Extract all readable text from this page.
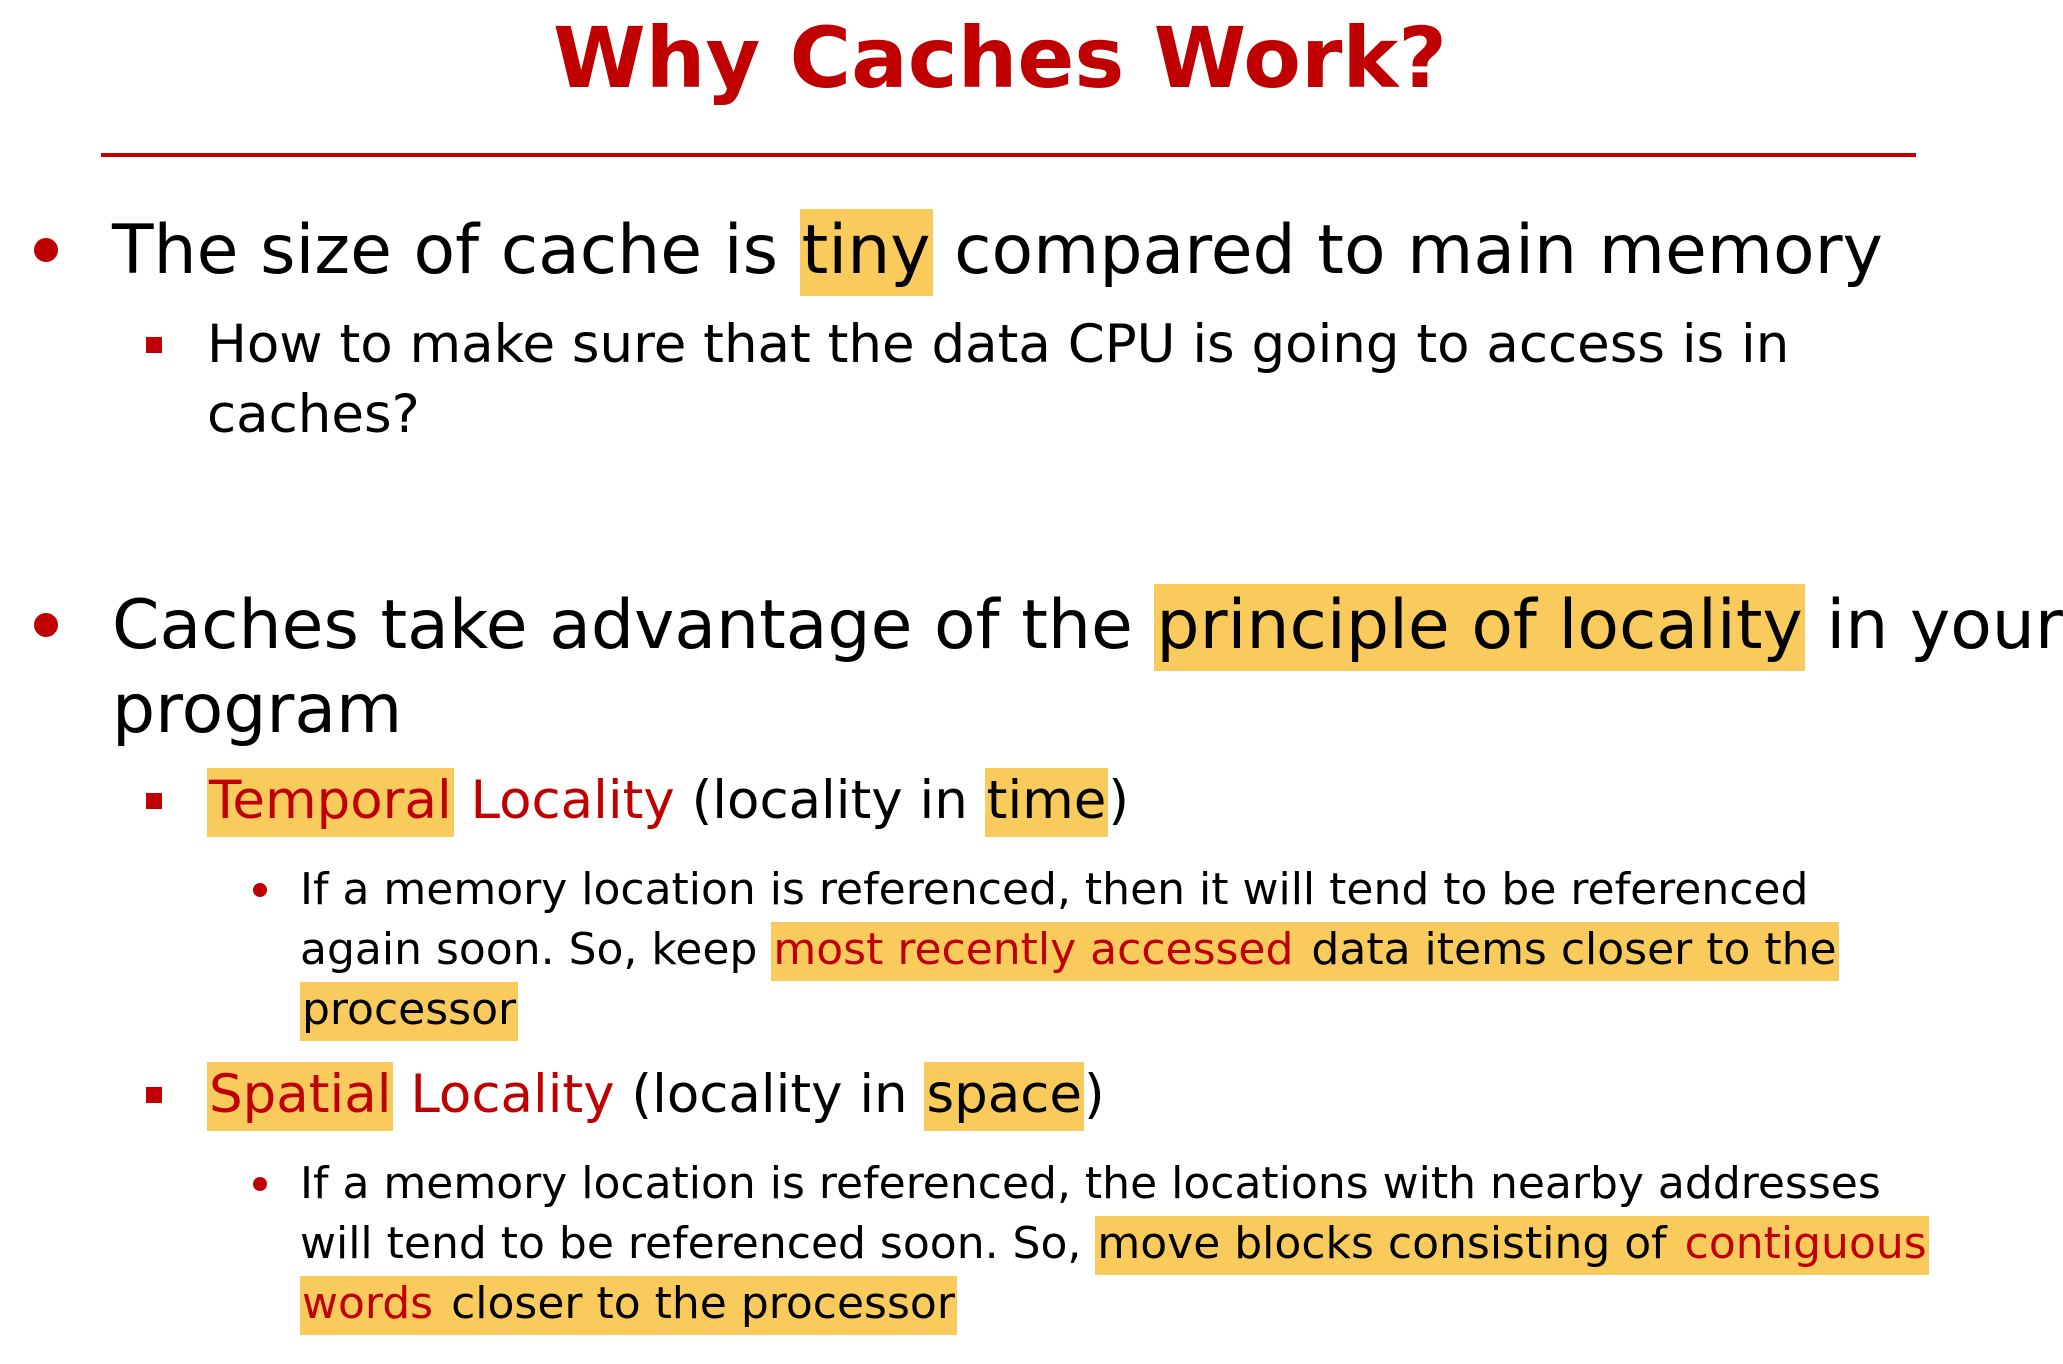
Why Caches Work?
The size of cache is tiny compared to main memory
How to make sure that the data CPU is going to access is in
caches?
Caches take advantage of the principle of locality in your
program
Temporal Locality (locality in time)
If a memory location is referenced, then it will tend to be referenced
again soon. So, keep most recently accessed data items closer to the
processor
Spatial Locality (locality in space)
If a memory location is referenced, the locations with nearby addresses
will tend to be referenced soon. So, move blocks consisting of contiguous
words closer to the processor
